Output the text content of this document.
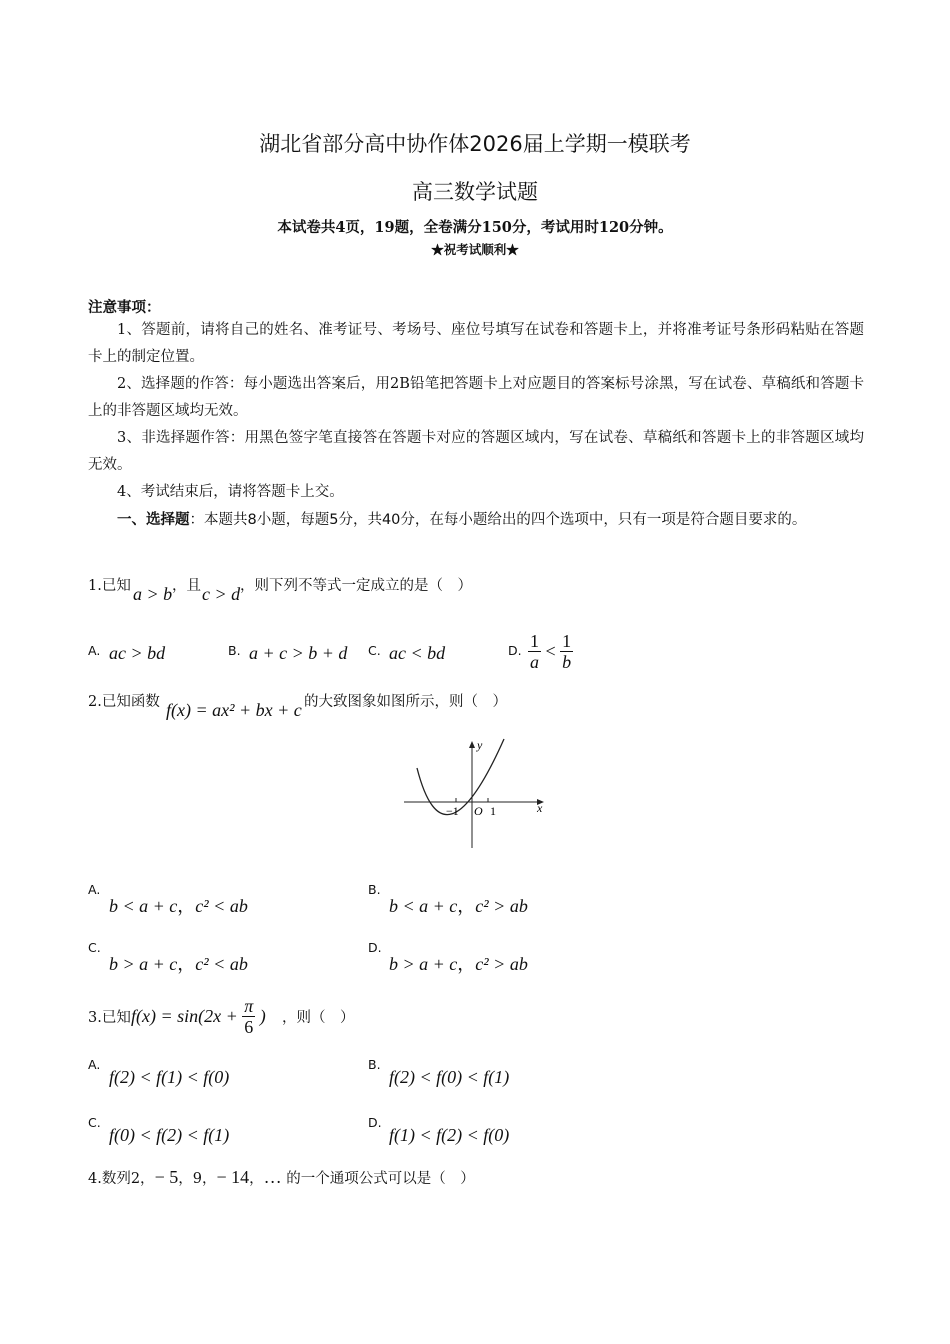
湖北省部分高中协作体2026届上学期一模联考
高三数学试题
本试卷共4页，19题，全卷满分150分，考试用时120分钟。
★祝考试顺利★
注意事项：
1、答题前，请将自己的姓名、准考证号、考场号、座位号填写在试卷和答题卡上，并将准考证号条形码粘贴在答题卡上的制定位置。
2、选择题的作答：每小题选出答案后，用2B铅笔把答题卡上对应题目的答案标号涂黑，写在试卷、草稿纸和答题卡上的非答题区域均无效。
3、非选择题作答：用黑色签字笔直接答在答题卡对应的答题区域内，写在试卷、草稿纸和答题卡上的非答题区域均无效。
4、考试结束后，请将答题卡上交。
一、选择题：本题共8小题，每题5分，共40分，在每小题给出的四个选项中，只有一项是符合题目要求的。
1.已知 a > b ，且 c > d ，则下列不等式一定成立的是（　）
A. ac > bd	B. a + c > b + d C. ac < bd	D. $\frac{1}{a} < \frac{1}{b}$
2.已知函数 f(x) = ax² + bx + c 的大致图象如图所示，则（　）
y
x
−1 O 1
A.
b < a + c，c² < ab
B.
b < a + c，c² > ab
C.
b > a + c，c² < ab
D.
b > a + c，c² > ab
3.已知 $f(x) = \sin(2x + \frac{\pi}{6}$ ) ，则（　）
A.
f(2) < f(1) < f(0)
B.
f(2) < f(0) < f(1)
C.
f(0) < f(2) < f(1)
D.
f(1) < f(2) < f(0)
4.数列2，− 5，9，− 14，… 的一个通项公式可以是（　）
